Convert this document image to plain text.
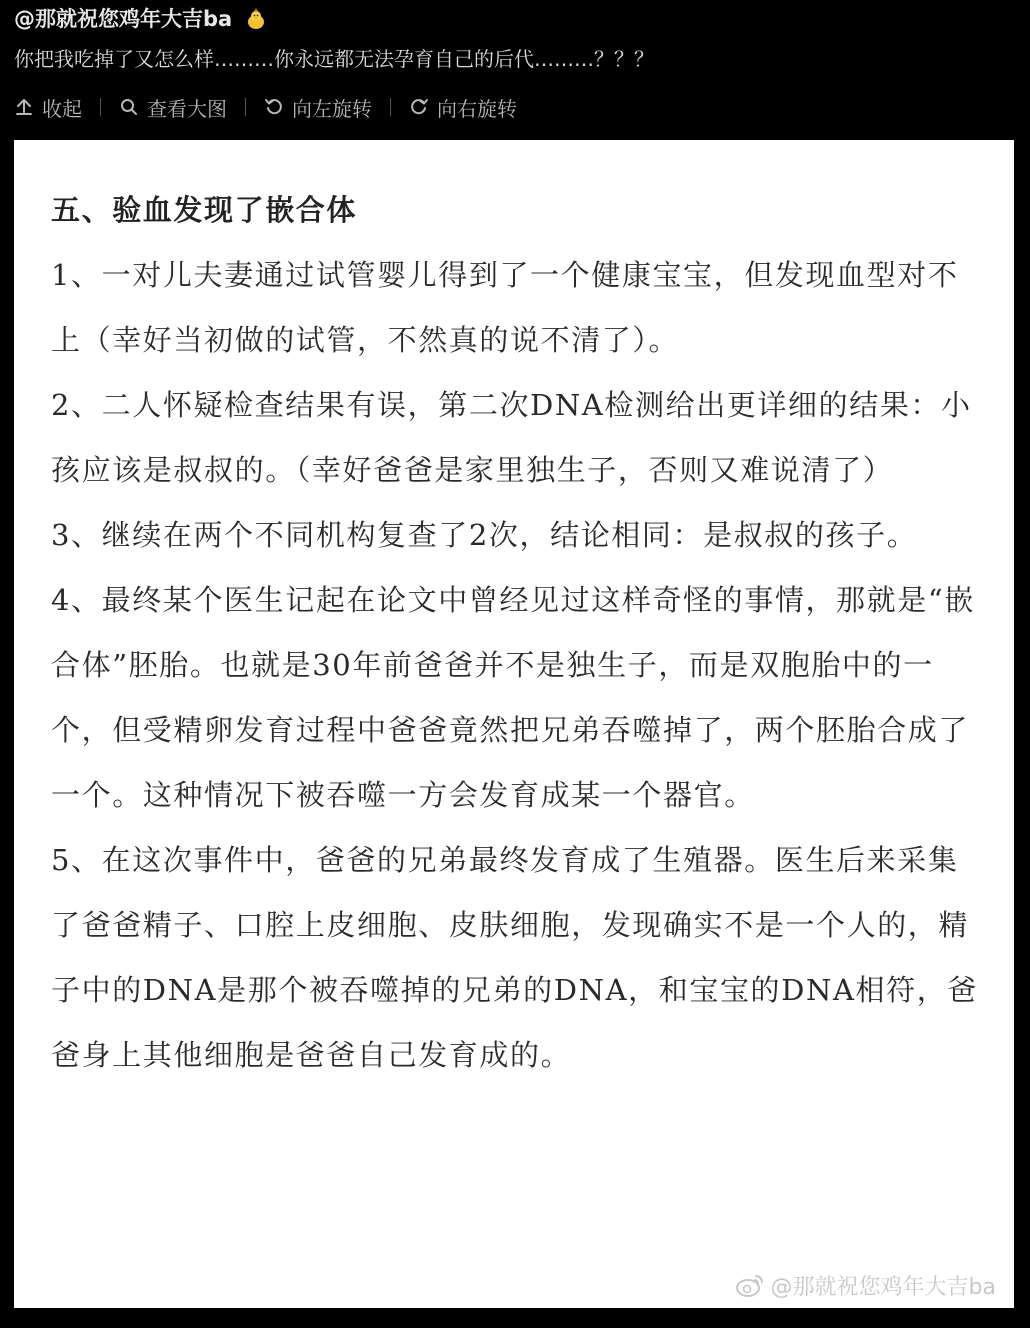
@那就祝您鸡年大吉ba
你把我吃掉了又怎么样………你永远都无法孕育自己的后代………？？？
收起	查看大图	向左旋转	向右旋转

五、验血发现了嵌合体

1、一对儿夫妻通过试管婴儿得到了一个健康宝宝，但发现血型对不上（幸好当初做的试管，不然真的说不清了）。

2、二人怀疑检查结果有误，第二次DNA检测给出更详细的结果：小孩应该是叔叔的。（幸好爸爸是家里独生子，否则又难说清了）

3、继续在两个不同机构复查了2次，结论相同：是叔叔的孩子。

4、最终某个医生记起在论文中曾经见过这样奇怪的事情，那就是“嵌合体”胚胎。也就是30年前爸爸并不是独生子，而是双胞胎中的一个，但受精卵发育过程中爸爸竟然把兄弟吞噬掉了，两个胚胎合成了一个。这种情况下被吞噬一方会发育成某一个器官。

5、在这次事件中，爸爸的兄弟最终发育成了生殖器。医生后来采集了爸爸精子、口腔上皮细胞、皮肤细胞，发现确实不是一个人的，精子中的DNA是那个被吞噬掉的兄弟的DNA，和宝宝的DNA相符，爸爸身上其他细胞是爸爸自己发育成的。

@那就祝您鸡年大吉ba
